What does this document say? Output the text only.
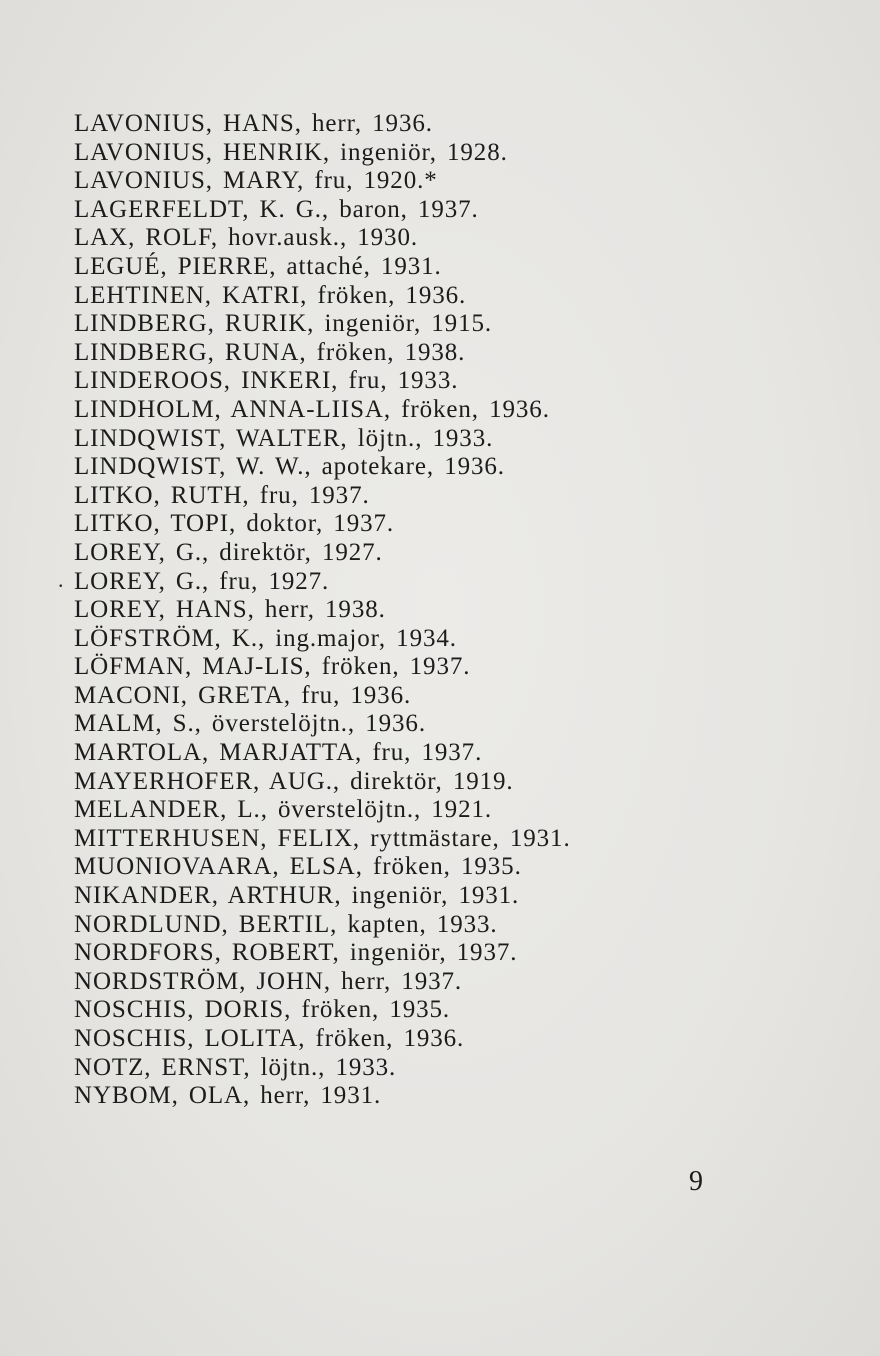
LAVONIUS, HANS, herr, 1936.
LAVONIUS, HENRIK, ingeniör, 1928.
LAVONIUS, MARY, fru, 1920.*
LAGERFELDT, K. G., baron, 1937.
LAX, ROLF, hovr.ausk., 1930.
LEGUÉ, PIERRE, attaché, 1931.
LEHTINEN, KATRI, fröken, 1936.
LINDBERG, RURIK, ingeniör, 1915.
LINDBERG, RUNA, fröken, 1938.
LINDEROOS, INKERI, fru, 1933.
LINDHOLM, ANNA-LIISA, fröken, 1936.
LINDQWIST, WALTER, löjtn., 1933.
LINDQWIST, W. W., apotekare, 1936.
LITKO, RUTH, fru, 1937.
LITKO, TOPI, doktor, 1937.
LOREY, G., direktör, 1927.
LOREY, G., fru, 1927.
LOREY, HANS, herr, 1938.
LÖFSTRÖM, K., ing.major, 1934.
LÖFMAN, MAJ-LIS, fröken, 1937.
MACONI, GRETA, fru, 1936.
MALM, S., överstelöjtn., 1936.
MARTOLA, MARJATTA, fru, 1937.
MAYERHOFER, AUG., direktör, 1919.
MELANDER, L., överstelöjtn., 1921.
MITTERHUSEN, FELIX, ryttmästare, 1931.
MUONIOVAARA, ELSA, fröken, 1935.
NIKANDER, ARTHUR, ingeniör, 1931.
NORDLUND, BERTIL, kapten, 1933.
NORDFORS, ROBERT, ingeniör, 1937.
NORDSTRÖM, JOHN, herr, 1937.
NOSCHIS, DORIS, fröken, 1935.
NOSCHIS, LOLITA, fröken, 1936.
NOTZ, ERNST, löjtn., 1933.
NYBOM, OLA, herr, 1931.
.
9
